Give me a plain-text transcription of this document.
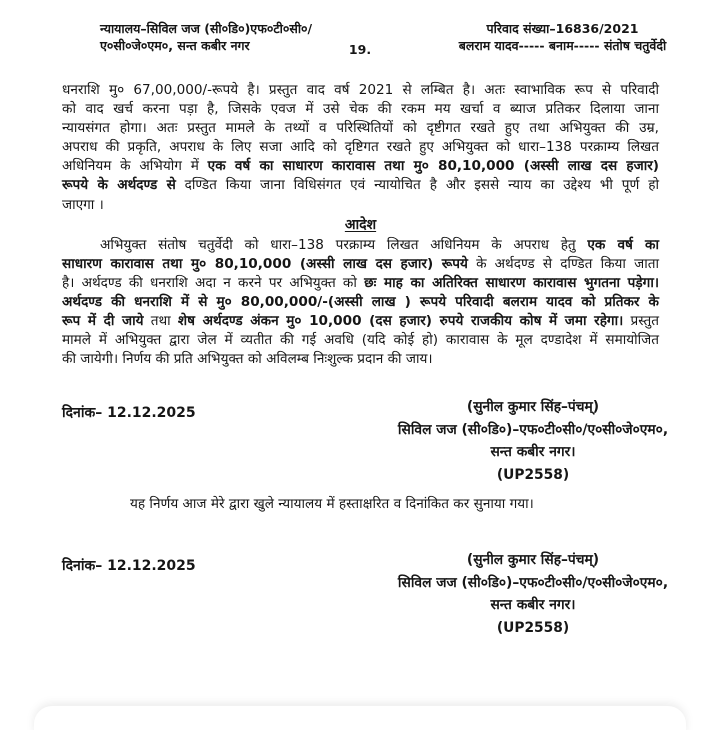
न्यायालय–सिविल जज (सी०डि०)एफ०टी०सी०/
ए०सी०जे०एम०, सन्त कबीर नगर
परिवाद संख्या–16836/2021
बलराम यादव----- बनाम----- संतोष चतुर्वेदी
19.
धनराशि मु० 67,00,000/-रूपये है। प्रस्तुत वाद वर्ष 2021 से लम्बित है। अतः स्वाभाविक रूप से परिवादी
को वाद खर्च करना पड़ा है, जिसके एवज में उसे चेक की रकम मय खर्चा व ब्याज प्रतिकर दिलाया जाना
न्यायसंगत होगा। अतः प्रस्तुत मामले के तथ्यों व परिस्थितियों को दृष्टीगत रखते हुए तथा अभियुक्त की उम्र,
अपराध की प्रकृति, अपराध के लिए सजा आदि को दृष्टिगत रखते हुए अभियुक्त को धारा–138 परक्राम्य लिखत
अधिनियम के अभियोग में एक वर्ष का साधारण कारावास तथा मु० 80,10,000 (अस्सी लाख दस हजार)
रूपये के अर्थदण्ड से दण्डित किया जाना विधिसंगत एवं न्यायोचित है और इससे न्याय का उद्देश्य भी पूर्ण हो
जाएगा ।
आदेश
अभियुक्त संतोष चतुर्वेदी को धारा–138 परक्राम्य लिखत अधिनियम के अपराध हेतु एक वर्ष का
साधारण कारावास तथा मु० 80,10,000 (अस्सी लाख दस हजार) रूपये के अर्थदण्ड से दण्डित किया जाता
है। अर्थदण्ड की धनराशि अदा न करने पर अभियुक्त को छः माह का अतिरिक्त साधारण कारावास भुगतना पड़ेगा।
अर्थदण्ड की धनराशि में से मु० 80,00,000/-(अस्सी लाख ) रूपये परिवादी बलराम यादव को प्रतिकर के
रूप में दी जाये तथा शेष अर्थदण्ड अंकन मु० 10,000 (दस हजार) रुपये राजकीय कोष में जमा रहेगा। प्रस्तुत
मामले में अभियुक्त द्वारा जेल में व्यतीत की गई अवधि (यदि कोई हो) कारावास के मूल दण्डादेश में समायोजित
की जायेगी। निर्णय की प्रति अभियुक्त को अविलम्ब निःशुल्क प्रदान की जाय।
दिनांक– 12.12.2025	(सुनील कुमार सिंह–पंचम्)
सिविल जज (सी०डि०)–एफ०टी०सी०/ए०सी०जे०एम०,
सन्त कबीर नगर।
(UP2558)
यह निर्णय आज मेरे द्वारा खुले न्यायालय में हस्ताक्षरित व दिनांकित कर सुनाया गया।
दिनांक– 12.12.2025	(सुनील कुमार सिंह–पंचम्)
सिविल जज (सी०डि०)–एफ०टी०सी०/ए०सी०जे०एम०,
सन्त कबीर नगर।
(UP2558)
